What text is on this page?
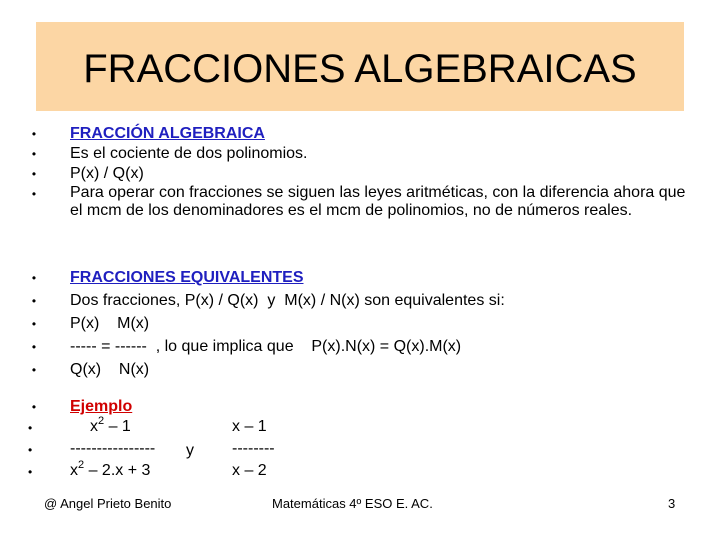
FRACCIONES ALGEBRAICAS
• FRACCIÓN ALGEBRAICA
• Es el cociente de dos polinomios.
• P(x) / Q(x)
• Para operar con fracciones se siguen las leyes aritméticas, con la diferencia ahora que el mcm de los denominadores es el mcm de polinomios, no de números reales.
• FRACCIONES EQUIVALENTES
• Dos fracciones, P(x) / Q(x)  y  M(x) / N(x) son equivalentes si:
• P(x)    M(x)
• ----- = ------  , lo que implica que    P(x).N(x) = Q(x).M(x)
• Q(x)    N(x)
• Ejemplo
•
•
•
$x^2 - 1$
---------------- y
$x^2 - 2.x + 3$
x – 1
--------
x – 2
@ Angel Prieto Benito	Matemáticas 4º ESO E. AC.	3
